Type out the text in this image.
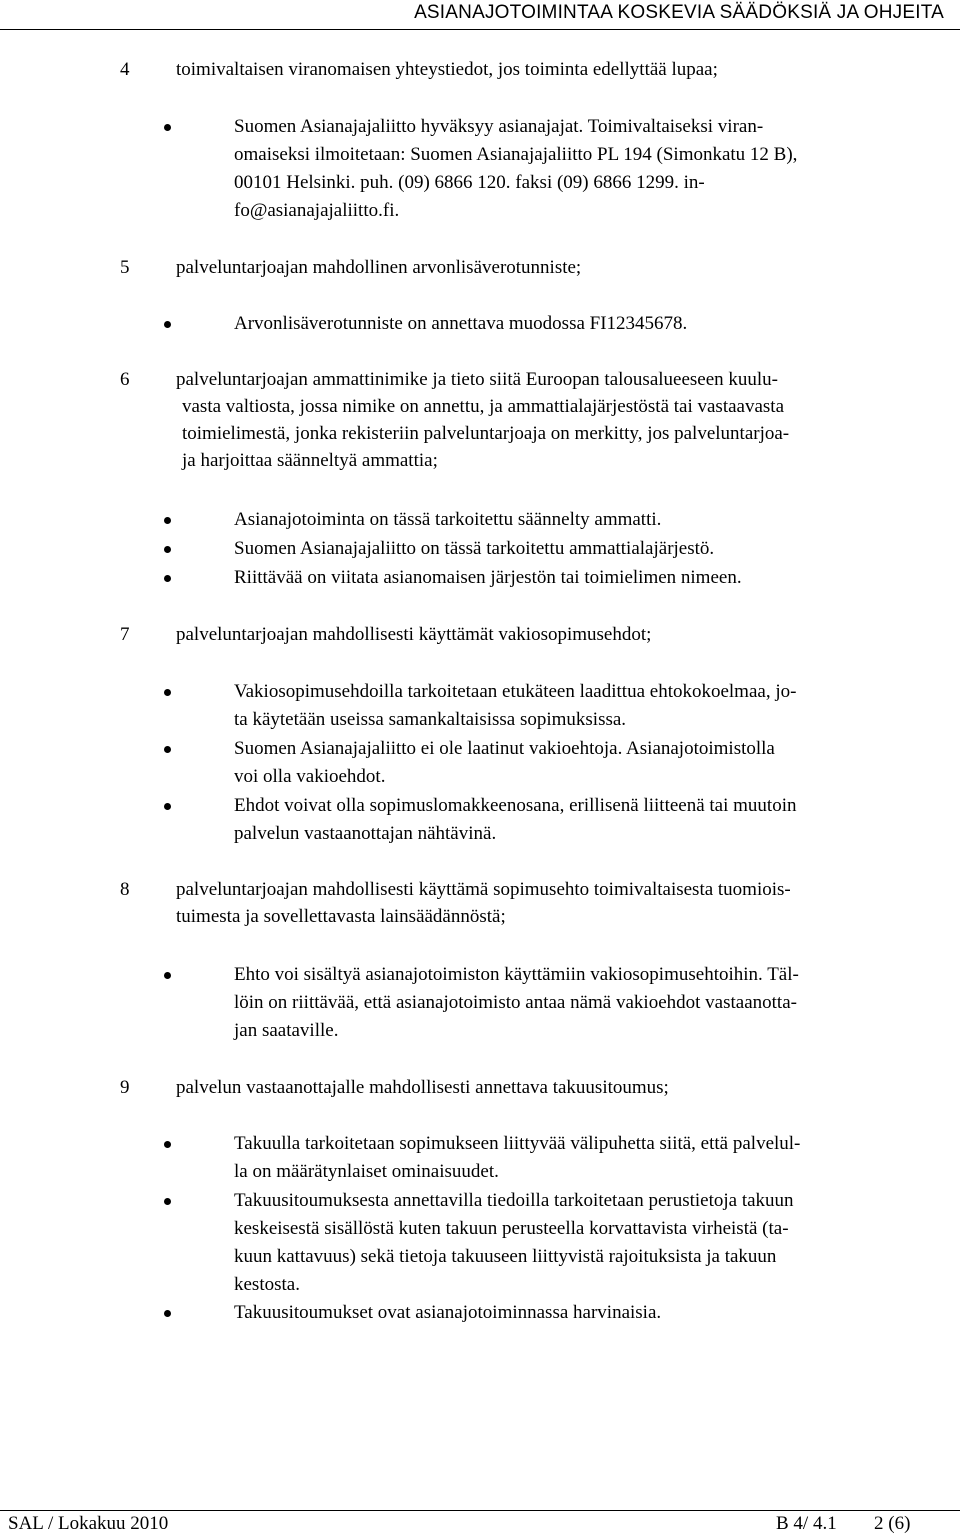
ASIANAJOTOIMINTAA KOSKEVIA SÄÄDÖKSIÄ JA OHJEITA
4 toimivaltaisen viranomaisen yhteystiedot, jos toiminta edellyttää lupaa;
Suomen Asianajajaliitto hyväksyy asianajajat. Toimivaltaiseksi viran-
omaiseksi ilmoitetaan: Suomen Asianajajaliitto PL 194 (Simonkatu 12 B),
00101 Helsinki. puh. (09) 6866 120. faksi (09) 6866 1299. in-
fo@asianajajaliitto.fi.
5 palveluntarjoajan mahdollinen arvonlisäverotunniste;
Arvonlisäverotunniste on annettava muodossa FI12345678.
6 palveluntarjoajan ammattinimike ja tieto siitä Euroopan talousalueeseen kuulu-
vasta valtiosta, jossa nimike on annettu, ja ammattialajärjestöstä tai vastaavasta
toimielimestä, jonka rekisteriin palveluntarjoaja on merkitty, jos palveluntarjoa-
ja harjoittaa säänneltyä ammattia;
Asianajotoiminta on tässä tarkoitettu säännelty ammatti.
Suomen Asianajajaliitto on tässä tarkoitettu ammattialajärjestö.
Riittävää on viitata asianomaisen järjestön tai toimielimen nimeen.
7 palveluntarjoajan mahdollisesti käyttämät vakiosopimusehdot;
Vakiosopimusehdoilla tarkoitetaan etukäteen laadittua ehtokokoelmaa, jo-
ta käytetään useissa samankaltaisissa sopimuksissa.
Suomen Asianajajaliitto ei ole laatinut vakioehtoja. Asianajotoimistolla
voi olla vakioehdot.
Ehdot voivat olla sopimuslomakkeenosana, erillisenä liitteenä tai muutoin
palvelun vastaanottajan nähtävinä.
8 palveluntarjoajan mahdollisesti käyttämä sopimusehto toimivaltaisesta tuomiois-
tuimesta ja sovellettavasta lainsäädännöstä;
Ehto voi sisältyä asianajotoimiston käyttämiin vakiosopimusehtoihin. Täl-
löin on riittävää, että asianajotoimisto antaa nämä vakioehdot vastaanotta-
jan saataville.
9 palvelun vastaanottajalle mahdollisesti annettava takuusitoumus;
Takuulla tarkoitetaan sopimukseen liittyvää välipuhetta siitä, että palvelul-
la on määrätynlaiset ominaisuudet.
Takuusitoumuksesta annettavilla tiedoilla tarkoitetaan perustietoja takuun
keskeisestä sisällöstä kuten takuun perusteella korvattavista virheistä (ta-
kuun kattavuus) sekä tietoja takuuseen liittyvistä rajoituksista ja takuun
kestosta.
Takuusitoumukset ovat asianajotoiminnassa harvinaisia.
SAL / Lokakuu 2010	B 4/ 4.1 2 (6)
